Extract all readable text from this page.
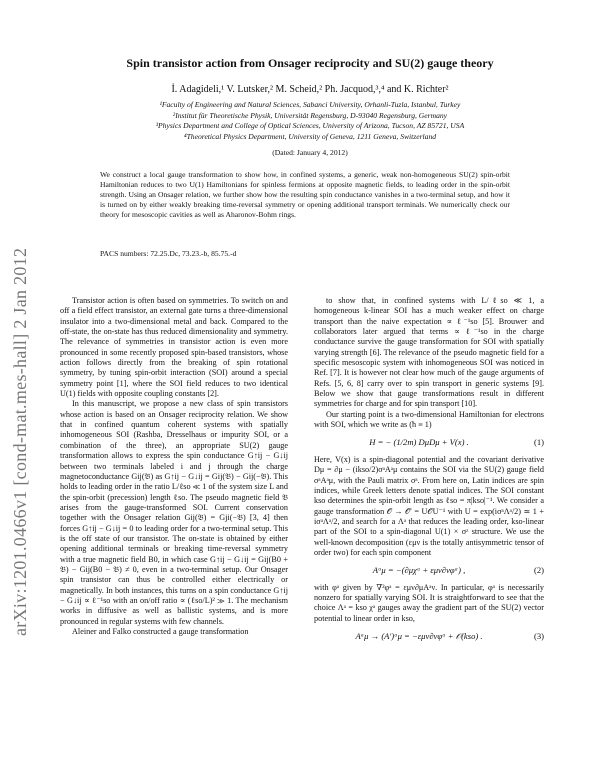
arXiv:1201.0466v1 [cond-mat.mes-hall] 2 Jan 2012
Spin transistor action from Onsager reciprocity and SU(2) gauge theory
İ. Adagideli,¹ V. Lutsker,² M. Scheid,² Ph. Jacquod,³,⁴ and K. Richter²
¹Faculty of Engineering and Natural Sciences, Sabanci University, Orhanli-Tuzla, Istanbul, Turkey
²Institut für Theoretische Physik, Universität Regensburg, D-93040 Regensburg, Germany
³Physics Department and College of Optical Sciences, University of Arizona, Tucson, AZ 85721, USA
⁴Theoretical Physics Department, University of Geneva, 1211 Geneva, Switzerland
(Dated: January 4, 2012)
We construct a local gauge transformation to show how, in confined systems, a generic, weak non-homogeneous SU(2) spin-orbit Hamiltonian reduces to two U(1) Hamiltonians for spinless fermions at opposite magnetic fields, to leading order in the spin-orbit strength. Using an Onsager relation, we further show how the resulting spin conductance vanishes in a two-terminal setup, and how it is turned on by either weakly breaking time-reversal symmetry or opening additional transport terminals. We numerically check our theory for mesoscopic cavities as well as Aharonov-Bohm rings.
PACS numbers: 72.25.Dc, 73.23.-b, 85.75.-d

Transistor action is often based on symmetries. To switch on and off a field effect transistor, an external gate turns a three-dimensional insulator into a two-dimensional metal and back. Compared to the off-state, the on-state has thus reduced dimensionality and symmetry. The relevance of symmetries in transistor action is even more pronounced in some recently proposed spin-based transistors, whose action follows directly from the breaking of spin rotational symmetry, by tuning spin-orbit interaction (SOI) around a special symmetry point [1], where the SOI field reduces to two identical U(1) fields with opposite coupling constants [2].

In this manuscript, we propose a new class of spin transistors whose action is based on an Onsager reciprocity relation. We show that in confined quantum coherent systems with spatially inhomogeneous SOI (Rashba, Dresselhaus or impurity SOI, or a combination of the three), an appropriate SU(2) gauge transformation allows to express the spin conductance G↑ij − G↓ij between two terminals labeled i and j through the charge magnetoconductance Gij(𝔅) as G↑ij − G↓ij = Gij(𝔅) − Gij(−𝔅). This holds to leading order in the ratio L/ℓso ≪ 1 of the system size L and the spin-orbit (precession) length ℓso. The pseudo magnetic field 𝔅 arises from the gauge-transformed SOI. Current conservation together with the Onsager relation Gij(𝔅) = Gji(−𝔅) [3, 4] then forces G↑ij − G↓ij = 0 to leading order for a two-terminal setup. This is the off state of our transistor. The on-state is obtained by either opening additional terminals or breaking time-reversal symmetry with a true magnetic field B0, in which case G↑ij − G↓ij = Gij(B0 + 𝔅) − Gij(B0 − 𝔅) ≠ 0, even in a two-terminal setup. Our Onsager spin transistor can thus be controlled either electrically or magnetically. In both instances, this turns on a spin conductance G↑ij − G↓ij ∝ ℓ⁻¹so with an on/off ratio ∝ (ℓso/L)² ≫ 1. The mechanism works in diffusive as well as ballistic systems, and is more pronounced in regular systems with few channels.

Aleiner and Falko constructed a gauge transformation

to show that, in confined systems with L/ℓso ≪ 1, a homogeneous k-linear SOI has a much weaker effect on charge transport than the naive expectation ∝ ℓ⁻¹so [5]. Brouwer and collaborators later argued that terms ∝ ℓ⁻¹so in the charge conductance survive the gauge transformation for SOI with spatially varying strength [6]. The relevance of the pseudo magnetic field for a specific mesoscopic system with inhomogeneous SOI was noticed in Ref. [7]. It is however not clear how much of the gauge arguments of Refs. [5, 6, 8] carry over to spin transport in generic systems [9]. Below we show that gauge transformations result in different symmetries for charge and for spin transport [10].

Our starting point is a two-dimensional Hamiltonian for electrons with SOI, which we write as (ħ ≡ 1)

H = − (1/2m) DμDμ + V(x) .	(1)

Here, V(x) is a spin-diagonal potential and the covariant derivative Dμ = ∂μ − (ikso/2)σᵃAᵃμ contains the SOI via the SU(2) gauge field σᵃAᵃμ, with the Pauli matrix σᵃ. From here on, Latin indices are spin indices, while Greek letters denote spatial indices. The SOI constant kso determines the spin-orbit length as ℓso = π|kso|⁻¹. We consider a gauge transformation 𝒪 → 𝒪′ = U𝒪U⁻¹ with U = exp(iσᵃΛᵃ/2) ≃ 1 + iσᵃΛᵃ/2, and search for a Λᵃ that reduces the leading order, kso-linear part of the SOI to a spin-diagonal U(1) × σᶻ structure. We use the well-known decomposition (εμν is the totally antisymmetric tensor of order two) for each spin component

Aᵃμ = −(∂μχᵃ + εμν∂νφᵃ) ,	(2)

with φᵃ given by ∇²φᵃ = εμν∂μAᵃν. In particular, φᵃ is necessarily nonzero for spatially varying SOI. It is straightforward to see that the choice Λᵃ = kso χᵃ gauges away the gradient part of the SU(2) vector potential to linear order in kso,

Aᵃμ → (A′)ᵃμ = −εμν∂νφᵃ + 𝒪(kso) .	(3)
